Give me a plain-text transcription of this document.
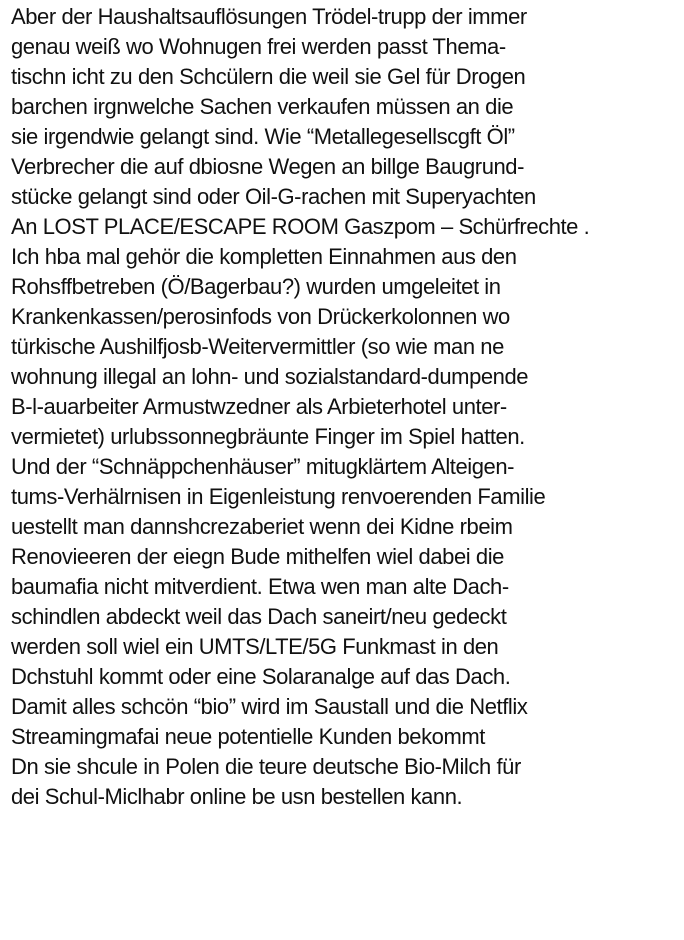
Aber der Haushaltsauflösungen Trödel-trupp der immer
genau weiß wo Wohnugen frei werden passt Thema-
tischn icht zu den Schcülern die weil sie Gel für Drogen
barchen irgnwelche Sachen verkaufen müssen an die
sie irgendwie gelangt sind. Wie “Metallegesellscgft Öl”
Verbrecher die auf dbiosne Wegen an billge Baugrund-
stücke gelangt sind oder Oil-G-rachen mit Superyachten
An LOST PLACE/ESCAPE ROOM Gaszpom – Schürfrechte .
Ich hba mal gehör die kompletten Einnahmen aus den
Rohsffbetreben (Ö/Bagerbau?) wurden umgeleitet in
Krankenkassen/perosinfods von Drückerkolonnen wo
türkische Aushilfjosb-Weitervermittler (so wie man ne
wohnung illegal an lohn- und sozialstandard-dumpende
B-l-auarbeiter Armustwzedner als Arbieterhotel unter-
vermietet) urlubssonnegbräunte Finger im Spiel hatten.
Und der “Schnäppchenhäuser” mitugklärtem Alteigen-
tums-Verhälrnisen in Eigenleistung renvoerenden Familie
uestellt man dannshcrezaberiet wenn dei Kidne rbeim
Renovieeren der eiegn Bude mithelfen wiel dabei die
baumafia nicht mitverdient. Etwa wen man alte Dach-
schindlen abdeckt weil das Dach saneirt/neu gedeckt
werden soll wiel ein UMTS/LTE/5G Funkmast in den
Dchstuhl kommt oder eine Solaranalge auf das Dach.
Damit alles schcön “bio” wird im Saustall und die Netflix
Streamingmafai neue potentielle Kunden bekommt
Dn sie shcule in Polen die teure deutsche Bio-Milch für
dei Schul-Miclhabr online be usn bestellen kann.
